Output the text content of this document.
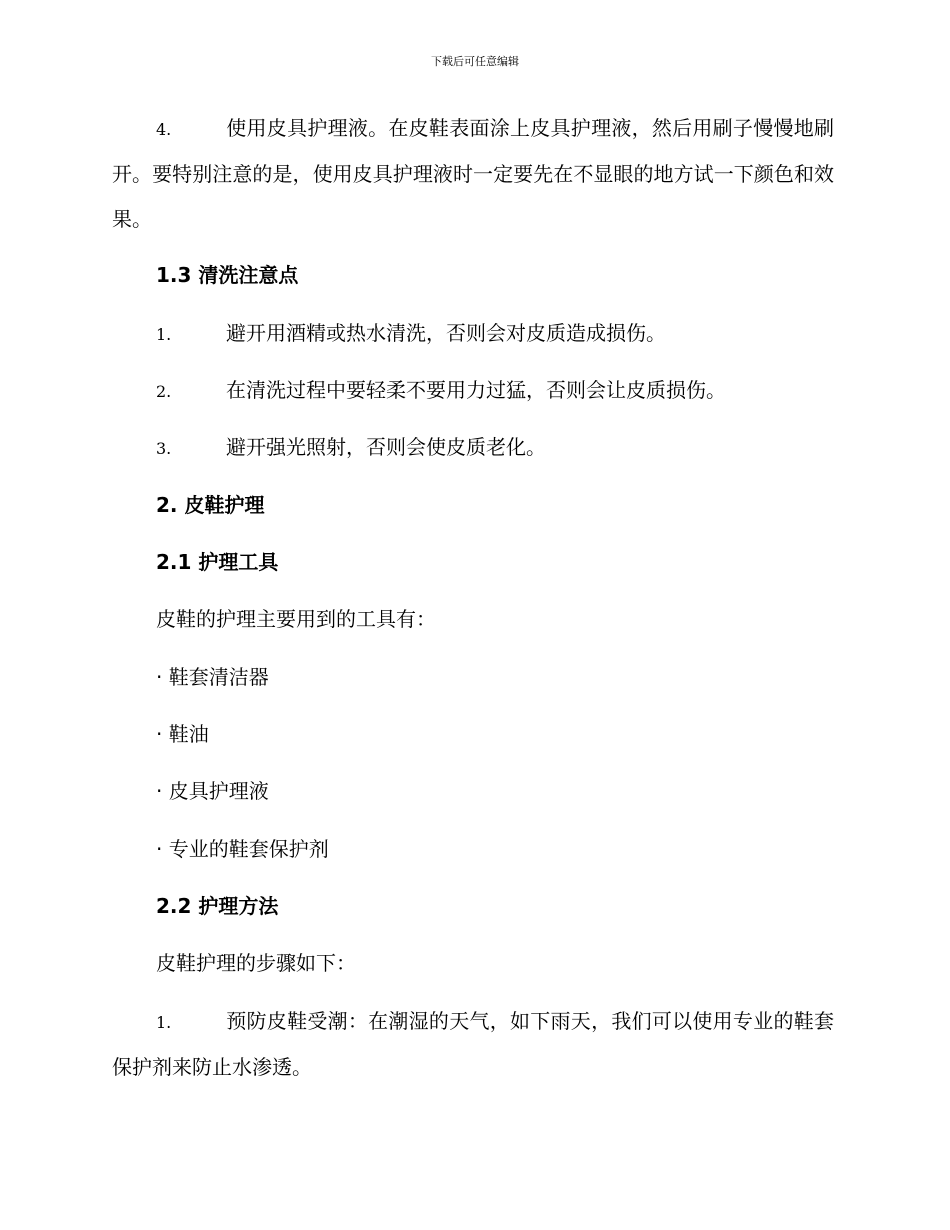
下载后可任意编辑
4.	使用皮具护理液。在皮鞋表面涂上皮具护理液，然后用刷子慢慢地刷开。要特别注意的是，使用皮具护理液时一定要先在不显眼的地方试一下颜色和效果。
1.3 清洗注意点
1.	避开用酒精或热水清洗，否则会对皮质造成损伤。
2.	在清洗过程中要轻柔不要用力过猛，否则会让皮质损伤。
3.	避开强光照射，否则会使皮质老化。
2. 皮鞋护理
2.1 护理工具
皮鞋的护理主要用到的工具有：
· 鞋套清洁器
· 鞋油
· 皮具护理液
· 专业的鞋套保护剂
2.2 护理方法
皮鞋护理的步骤如下：
1.	预防皮鞋受潮：在潮湿的天气，如下雨天，我们可以使用专业的鞋套保护剂来防止水渗透。
